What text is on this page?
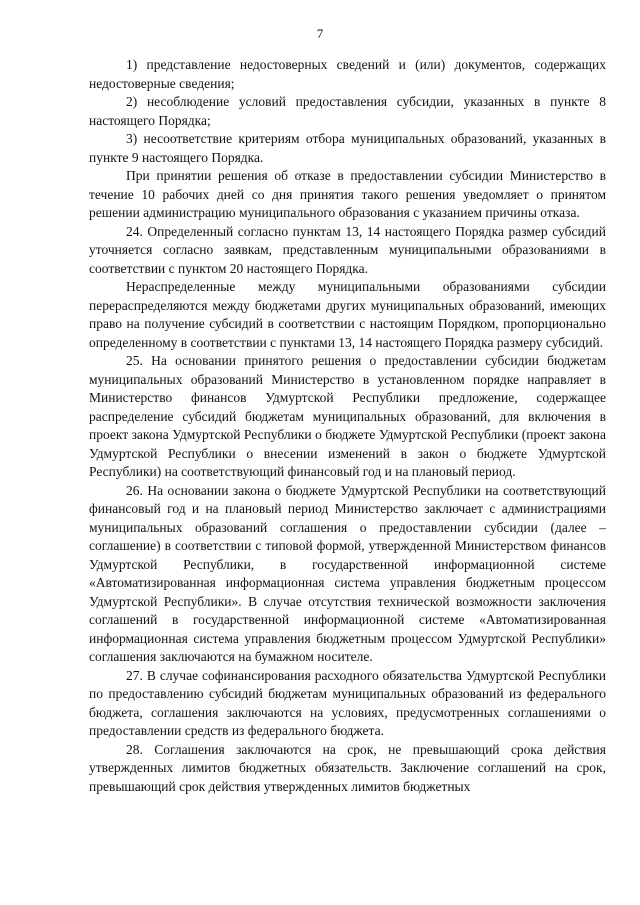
7

1) представление недостоверных сведений и (или) документов, содержащих недостоверные сведения;

2) несоблюдение условий предоставления субсидии, указанных в пункте 8 настоящего Порядка;

3) несоответствие критериям отбора муниципальных образований, указанных в пункте 9 настоящего Порядка.

При принятии решения об отказе в предоставлении субсидии Министерство в течение 10 рабочих дней со дня принятия такого решения уведомляет о принятом решении администрацию муниципального образования с указанием причины отказа.

24. Определенный согласно пунктам 13, 14 настоящего Порядка размер субсидий уточняется согласно заявкам, представленным муниципальными образованиями в соответствии с пунктом 20 настоящего Порядка.

Нераспределенные между муниципальными образованиями субсидии перераспределяются между бюджетами других муниципальных образований, имеющих право на получение субсидий в соответствии с настоящим Порядком, пропорционально определенному в соответствии с пунктами 13, 14 настоящего Порядка размеру субсидий.

25. На основании принятого решения о предоставлении субсидии бюджетам муниципальных образований Министерство в установленном порядке направляет в Министерство финансов Удмуртской Республики предложение, содержащее распределение субсидий бюджетам муниципальных образований, для включения в проект закона Удмуртской Республики о бюджете Удмуртской Республики (проект закона Удмуртской Республики о внесении изменений в закон о бюджете Удмуртской Республики) на соответствующий финансовый год и на плановый период.

26. На основании закона о бюджете Удмуртской Республики на соответствующий финансовый год и на плановый период Министерство заключает с администрациями муниципальных образований соглашения о предоставлении субсидии (далее – соглашение) в соответствии с типовой формой, утвержденной Министерством финансов Удмуртской Республики, в государственной информационной системе «Автоматизированная информационная система управления бюджетным процессом Удмуртской Республики». В случае отсутствия технической возможности заключения соглашений в государственной информационной системе «Автоматизированная информационная система управления бюджетным процессом Удмуртской Республики» соглашения заключаются на бумажном носителе.

27. В случае софинансирования расходного обязательства Удмуртской Республики по предоставлению субсидий бюджетам муниципальных образований из федерального бюджета, соглашения заключаются на условиях, предусмотренных соглашениями о предоставлении средств из федерального бюджета.

28. Соглашения заключаются на срок, не превышающий срока действия утвержденных лимитов бюджетных обязательств. Заключение соглашений на срок, превышающий срок действия утвержденных лимитов бюджетных
